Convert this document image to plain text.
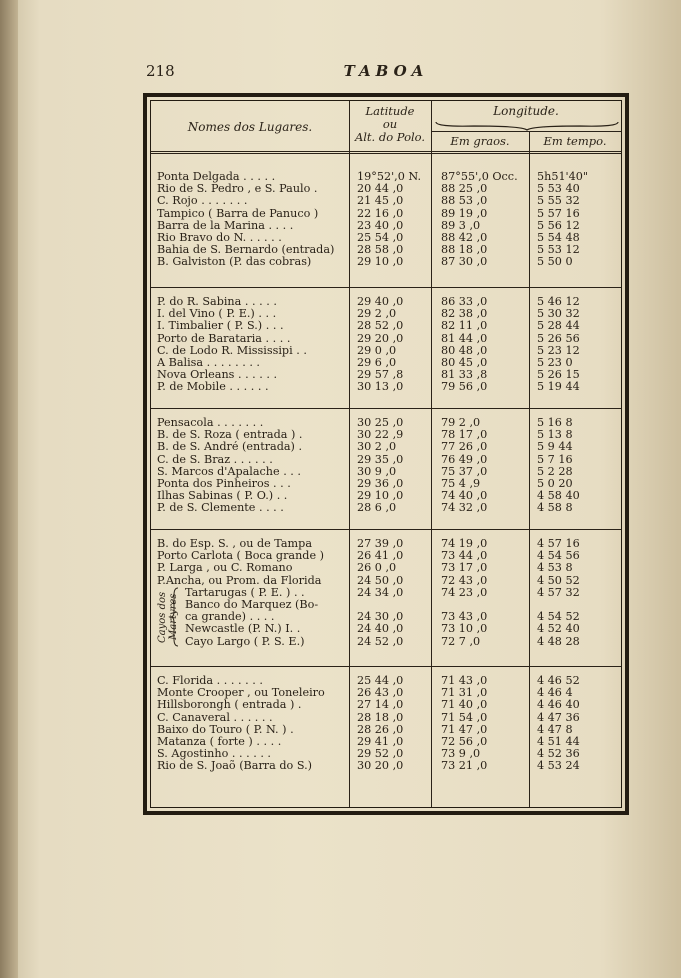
218	TABOA
Nomes dos Lugares.
Latitude
ou
Alt. do Polo.
Longitude.
Em graos.	Em tempo.
Ponta Delgada . . . . .	19°52',0 N.	87°55',0 Occ.	5h51'40"
Rio de S. Pedro , e S. Paulo .	20 44 ,0	88 25 ,0	5 53 40
C. Rojo . . . . . . .	21 45 ,0	88 53 ,0	5 55 32
Tampico ( Barra de Panuco )	22 16 ,0	89 19 ,0	5 57 16
Barra de la Marina . . . .	23 40 ,0	89 3 ,0	5 56 12
Rio Bravo do N. . . . . .	25 54 ,0	88 42 ,0	5 54 48
Bahia de S. Bernardo (entrada)	28 58 ,0	88 18 ,0	5 53 12
B. Galviston (P. das cobras)	29 10 ,0	87 30 ,0	5 50 0
P. do R. Sabina . . . . .	29 40 ,0	86 33 ,0	5 46 12
I. del Vino ( P. E.) . . .	29 2 ,0	82 38 ,0	5 30 32
I. Timbalier ( P. S.) . . .	28 52 ,0	82 11 ,0	5 28 44
Porto de Barataria . . . .	29 20 ,0	81 44 ,0	5 26 56
C. de Lodo R. Mississipi . .	29 0 ,0	80 48 ,0	5 23 12
A Balisa . . . . . . . .	29 6 ,0	80 45 ,0	5 23 0
Nova Orleans . . . . . .	29 57 ,8	81 33 ,8	5 26 15
P. de Mobile . . . . . .	30 13 ,0	79 56 ,0	5 19 44
Pensacola . . . . . . .	30 25 ,0	79 2 ,0	5 16 8
B. de S. Roza ( entrada ) .	30 22 ,9	78 17 ,0	5 13 8
B. de S. André (entrada) .	30 2 ,0	77 26 ,0	5 9 44
C. de S. Braz . . . . . .	29 35 ,0	76 49 ,0	5 7 16
S. Marcos d'Apalache . . .	30 9 ,0	75 37 ,0	5 2 28
Ponta dos Pinheiros . . .	29 36 ,0	75 4 ,9	5 0 20
Ilhas Sabinas ( P. O.) . .	29 10 ,0	74 40 ,0	4 58 40
P. de S. Clemente . . . .	28 6 ,0	74 32 ,0	4 58 8
B. do Esp. S. , ou de Tampa	27 39 ,0	74 19 ,0	4 57 16
Porto Carlota ( Boca grande )	26 41 ,0	73 44 ,0	4 54 56
P. Larga , ou C. Romano	26 0 ,0	73 17 ,0	4 53 8
P.Ancha, ou Prom. da Florida	24 50 ,0	72 43 ,0	4 50 52
Tartarugas ( P. E. ) . .	24 34 ,0	74 23 ,0	4 57 32
Banco do Marquez (Bo-
ca grande) . . . .	24 30 ,0	73 43 ,0	4 54 52
Newcastle (P. N.) I. .	24 40 ,0	73 10 ,0	4 52 40
Cayo Largo ( P. S. E.)	24 52 ,0	72 7 ,0	4 48 28
Cayos dos Martyres
C. Florida . . . . . . .	25 44 ,0	71 43 ,0	4 46 52
Monte Crooper , ou Toneleiro	26 43 ,0	71 31 ,0	4 46 4
Hillsborongh ( entrada ) .	27 14 ,0	71 40 ,0	4 46 40
C. Canaveral . . . . . .	28 18 ,0	71 54 ,0	4 47 36
Baixo do Touro ( P. N. ) .	28 26 ,0	71 47 ,0	4 47 8
Matanza ( forte ) . . . .	29 41 ,0	72 56 ,0	4 51 44
S. Agostinho . . . . . .	29 52 ,0	73 9 ,0	4 52 36
Rio de S. Joaõ (Barra do S.)	30 20 ,0	73 21 ,0	4 53 24
